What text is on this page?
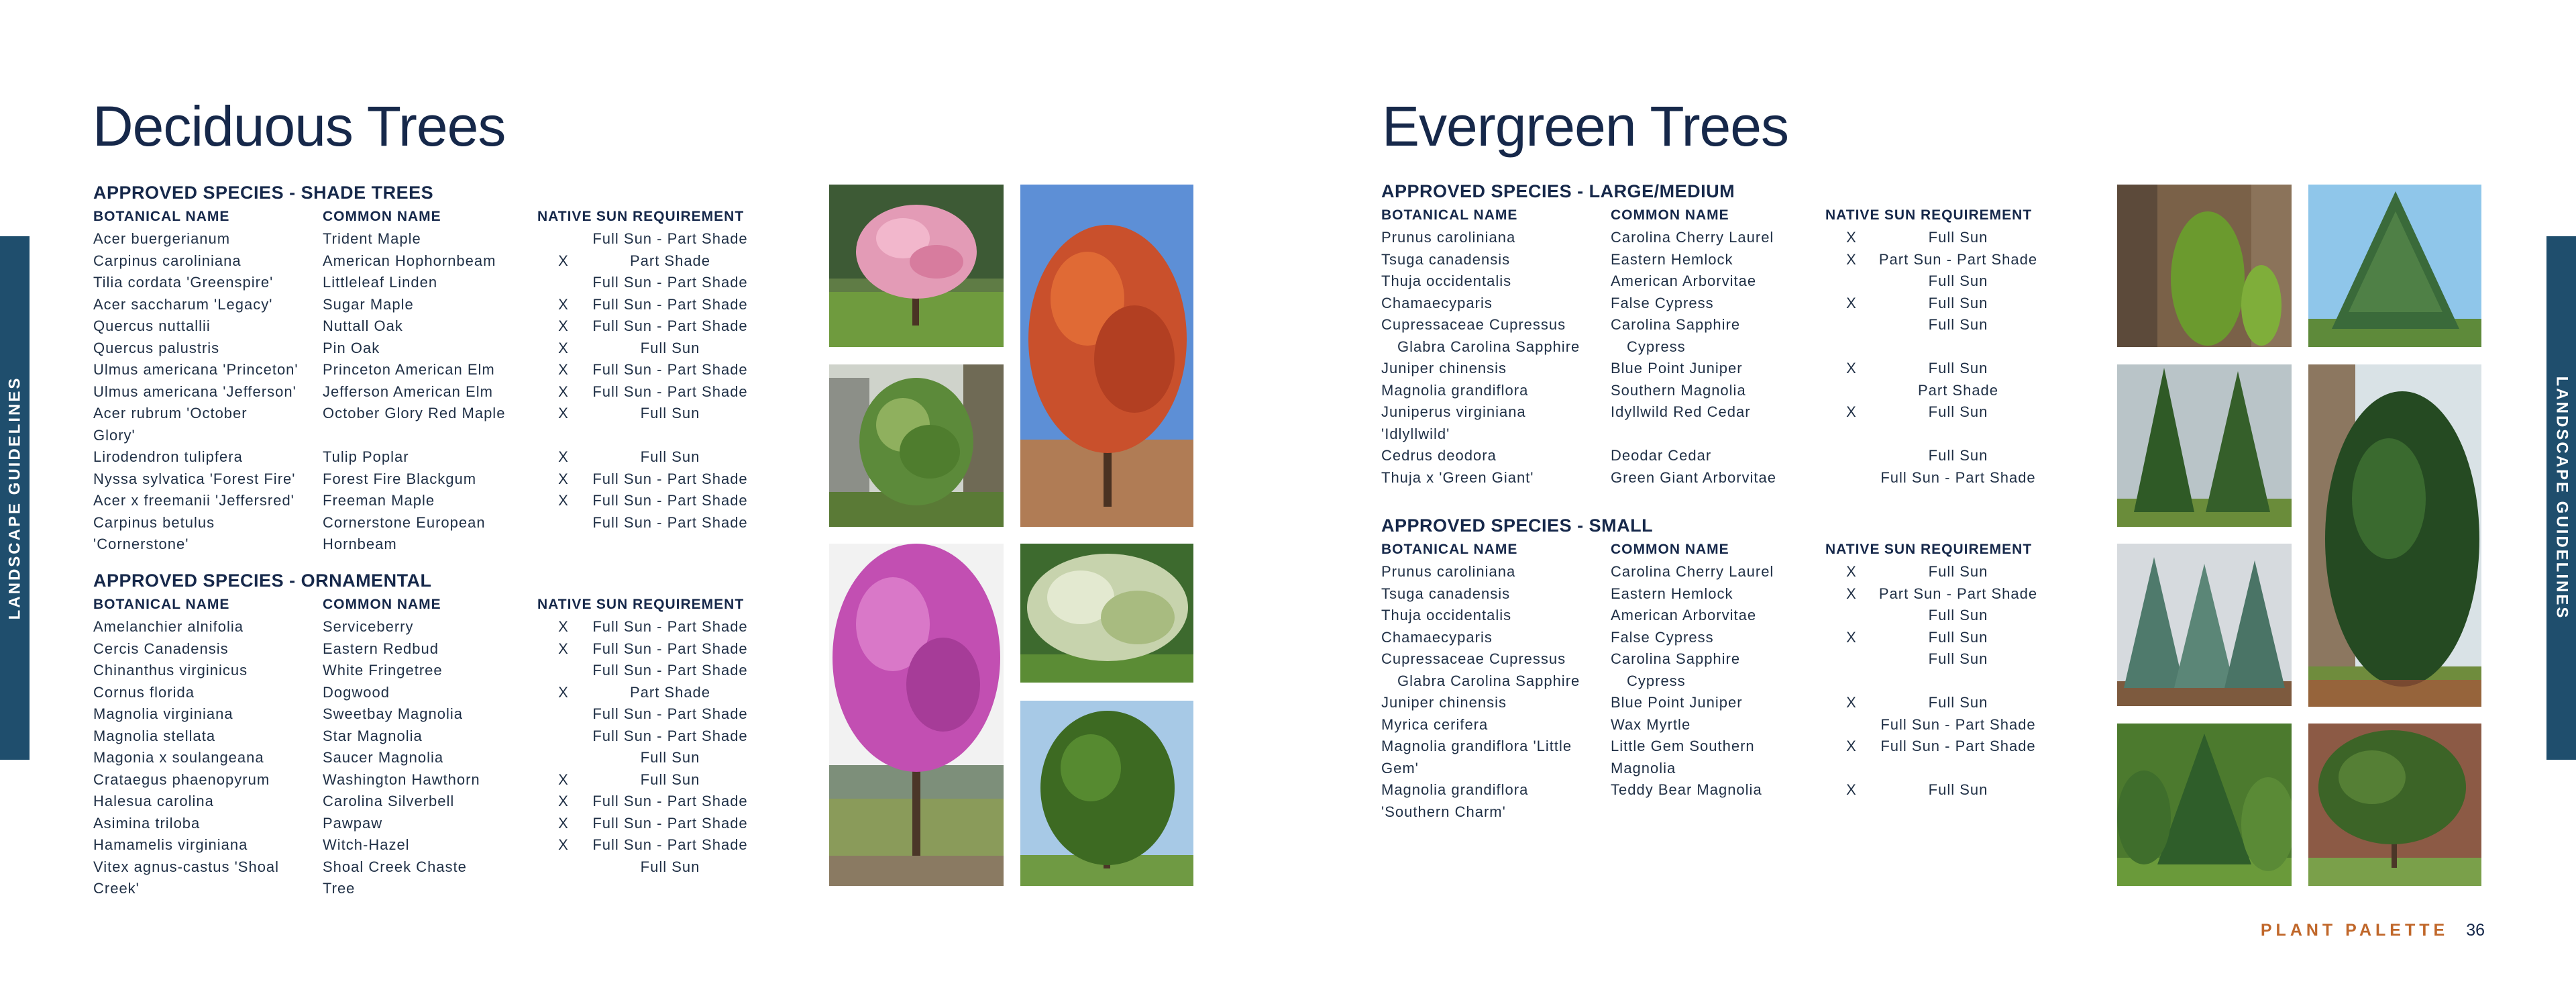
LANDSCAPE GUIDELINES	LANDSCAPE GUIDELINES
Deciduous Trees	Evergreen Trees
APPROVED SPECIES - SHADE TREES
BOTANICAL NAME	COMMON NAME	NATIVE SUN REQUIREMENT
Acer buergerianum	Trident Maple	Full Sun - Part Shade
Carpinus caroliniana	American Hophornbeam	X	Part Shade
Tilia cordata 'Greenspire'	Littleleaf Linden	Full Sun - Part Shade
Acer saccharum 'Legacy'	Sugar Maple	X	Full Sun - Part Shade
Quercus nuttallii	Nuttall Oak	X	Full Sun - Part Shade
Quercus palustris	Pin Oak	X	Full Sun
Ulmus americana 'Princeton'	Princeton American Elm	X	Full Sun - Part Shade
Ulmus americana 'Jefferson'	Jefferson American Elm	X	Full Sun - Part Shade
Acer rubrum 'October	October Glory Red Maple	X	Full Sun
Glory'
Lirodendron tulipfera	Tulip Poplar	X	Full Sun
Nyssa sylvatica 'Forest Fire'	Forest Fire Blackgum	X	Full Sun - Part Shade
Acer x freemanii 'Jeffersred'	Freeman Maple	X	Full Sun - Part Shade
Carpinus betulus	Cornerstone European	Full Sun - Part Shade
'Cornerstone'	Hornbeam
APPROVED SPECIES - ORNAMENTAL
BOTANICAL NAME	COMMON NAME	NATIVE SUN REQUIREMENT
Amelanchier alnifolia	Serviceberry	X	Full Sun - Part Shade
Cercis Canadensis	Eastern Redbud	X	Full Sun - Part Shade
Chinanthus virginicus	White Fringetree	Full Sun - Part Shade
Cornus florida	Dogwood	X	Part Shade
Magnolia virginiana	Sweetbay Magnolia	Full Sun - Part Shade
Magnolia stellata	Star Magnolia	Full Sun - Part Shade
Magonia x soulangeana	Saucer Magnolia	Full Sun
Crataegus phaenopyrum	Washington Hawthorn	X	Full Sun
Halesua carolina	Carolina Silverbell	X	Full Sun - Part Shade
Asimina triloba	Pawpaw	X	Full Sun - Part Shade
Hamamelis virginiana	Witch-Hazel	X	Full Sun - Part Shade
Vitex agnus-castus 'Shoal	Shoal Creek Chaste	Full Sun
Creek'	Tree
APPROVED SPECIES - LARGE/MEDIUM
BOTANICAL NAME	COMMON NAME	NATIVE SUN REQUIREMENT
Prunus caroliniana	Carolina Cherry Laurel	X	Full Sun
Tsuga canadensis	Eastern Hemlock	X	Part Sun - Part Shade
Thuja occidentalis	American Arborvitae	Full Sun
Chamaecyparis	False Cypress	X	Full Sun
Cupressaceae Cupressus	Carolina Sapphire	Full Sun
Glabra Carolina Sapphire	Cypress
Juniper chinensis	Blue Point Juniper	X	Full Sun
Magnolia grandiflora	Southern Magnolia	Part Shade
Juniperus virginiana	Idyllwild Red Cedar	X	Full Sun
'Idlyllwild'
Cedrus deodora	Deodar Cedar	Full Sun
Thuja x 'Green Giant'	Green Giant Arborvitae	Full Sun - Part Shade
APPROVED SPECIES - SMALL
BOTANICAL NAME	COMMON NAME	NATIVE SUN REQUIREMENT
Prunus caroliniana	Carolina Cherry Laurel	X	Full Sun
Tsuga canadensis	Eastern Hemlock	X	Part Sun - Part Shade
Thuja occidentalis	American Arborvitae	Full Sun
Chamaecyparis	False Cypress	X	Full Sun
Cupressaceae Cupressus	Carolina Sapphire	Full Sun
Glabra Carolina Sapphire	Cypress
Juniper chinensis	Blue Point Juniper	X	Full Sun
Myrica cerifera	Wax Myrtle	Full Sun - Part Shade
Magnolia grandiflora 'Little	Little Gem Southern	X	Full Sun - Part Shade
Gem'	Magnolia
Magnolia grandiflora	Teddy Bear Magnolia	X	Full Sun
'Southern Charm'
PLANT PALETTE 36
